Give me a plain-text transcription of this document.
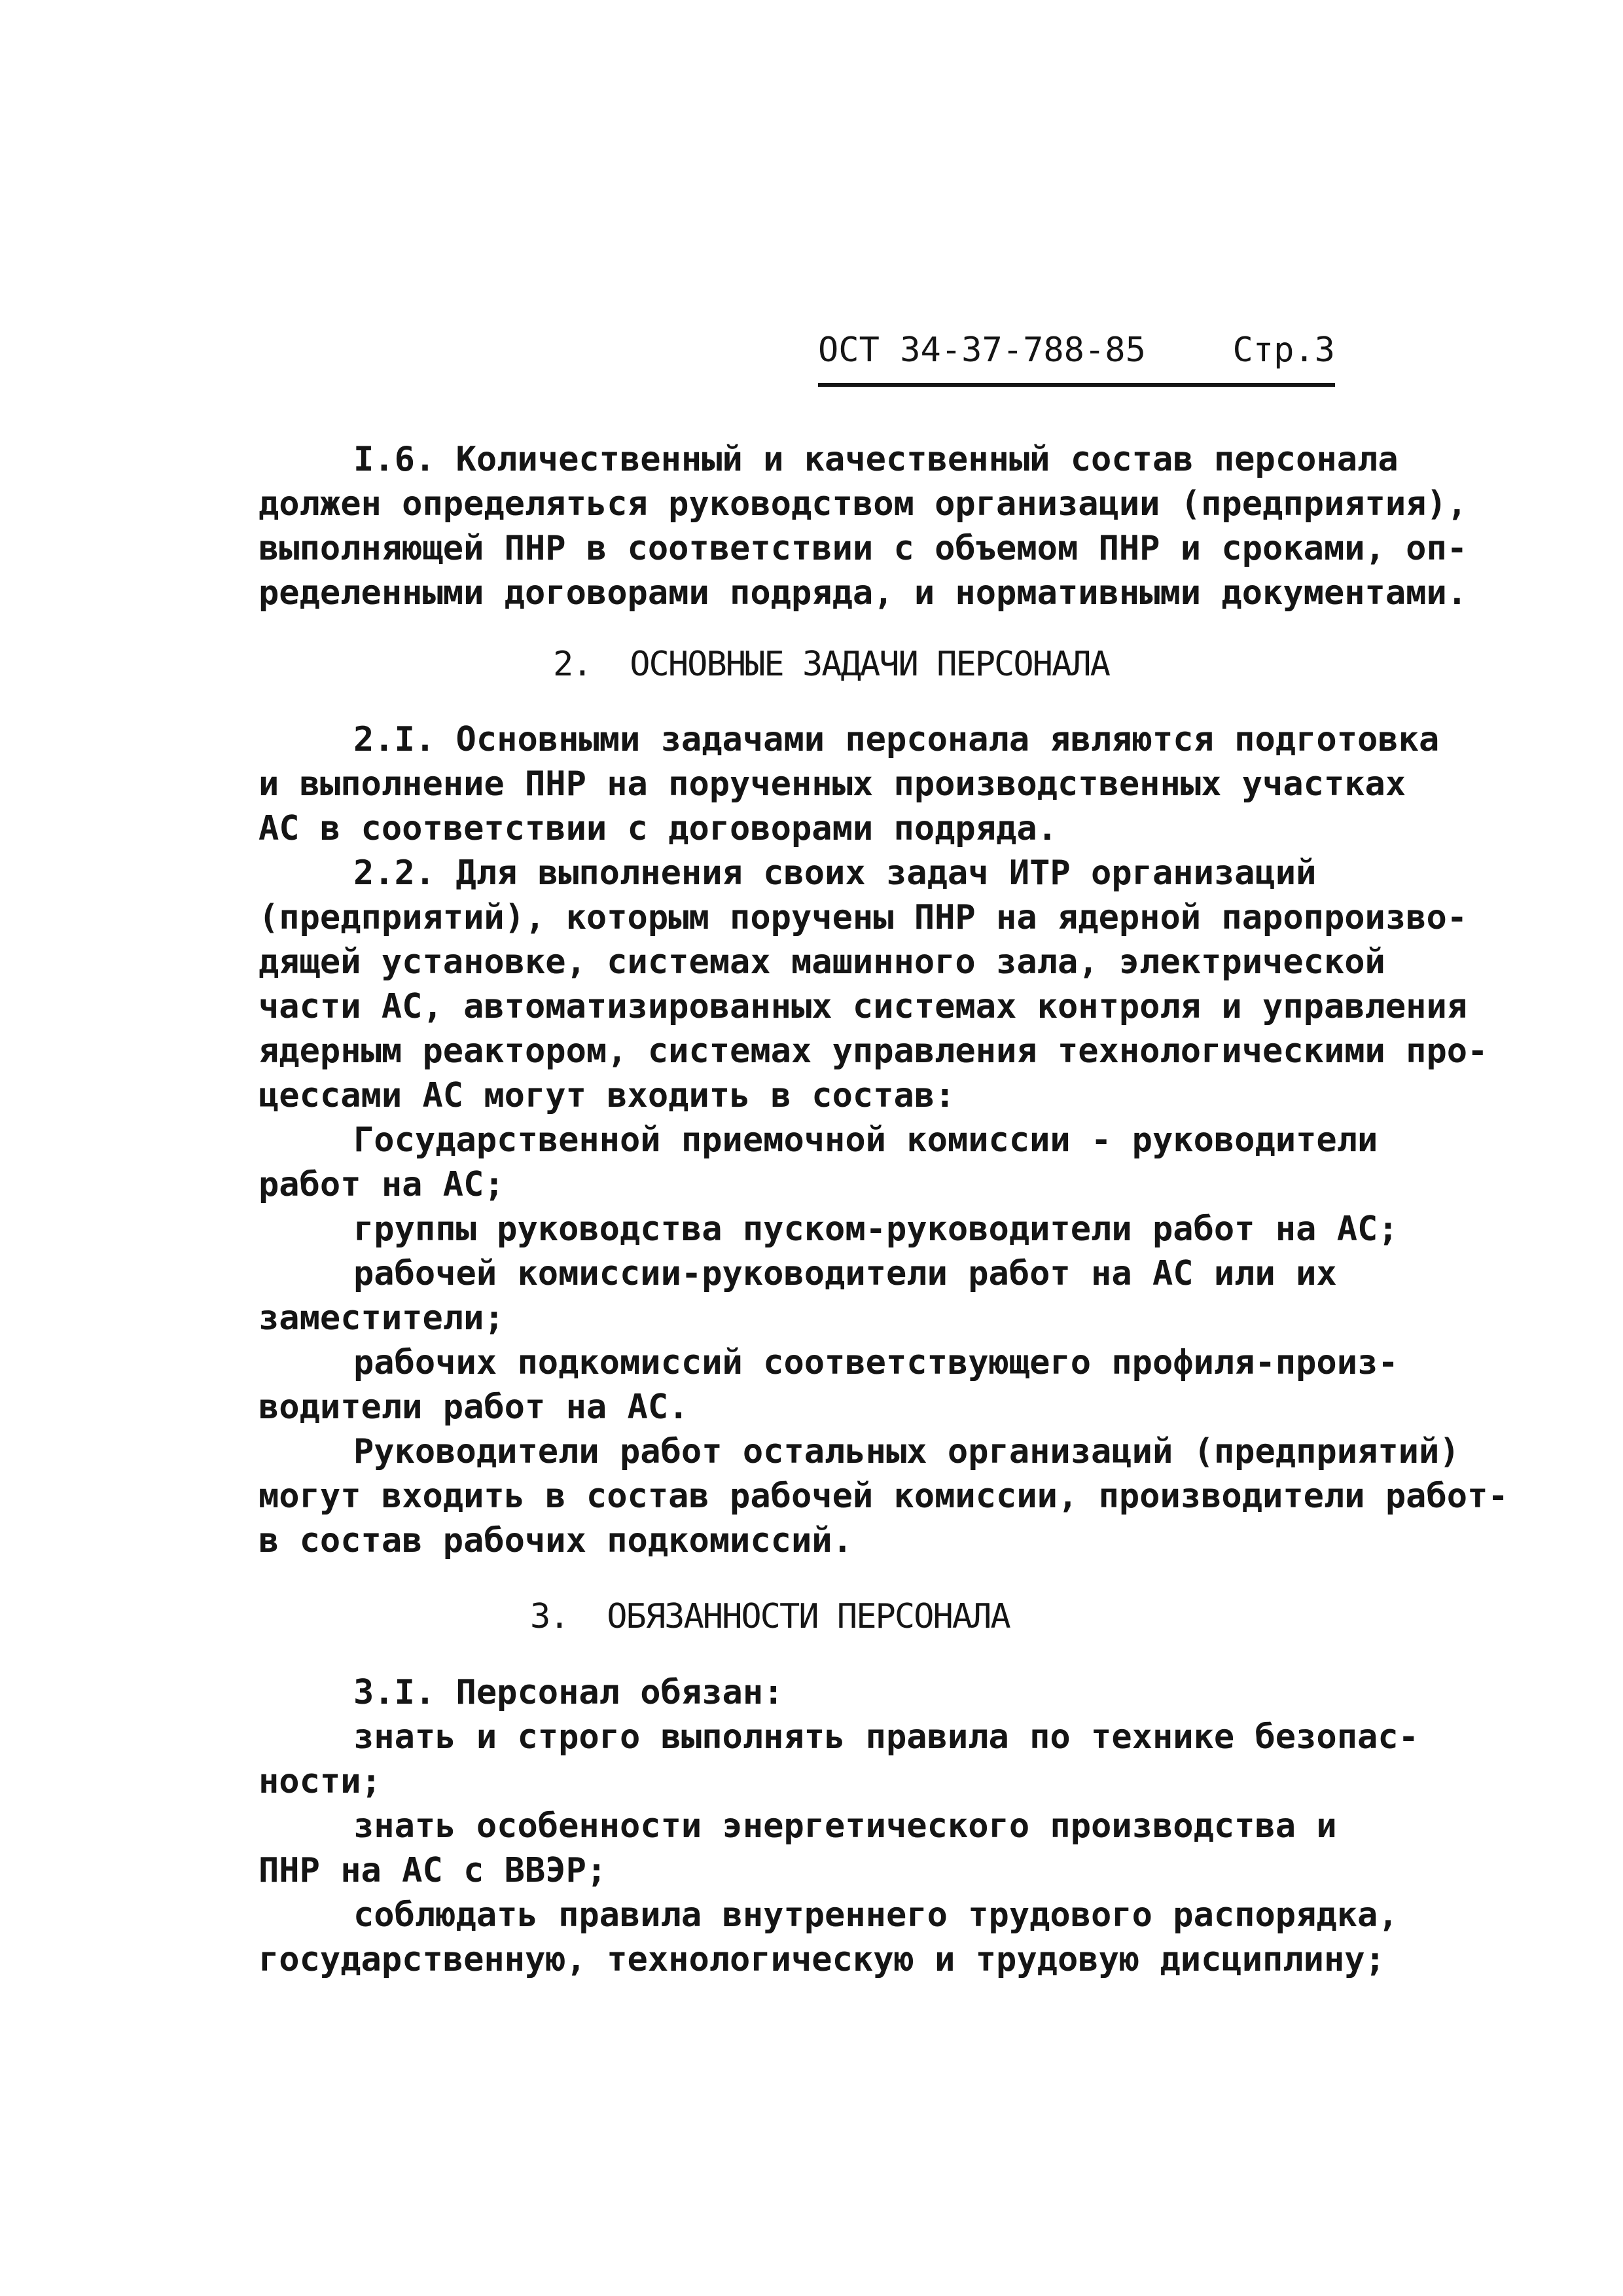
ОСТ 34-37-788-85	Стр.3
I.6. Количественный и качественный состав персонала
должен определяться руководством организации (предприятия),
выполняющей ПНР в соответствии с объемом ПНР и сроками, оп-
ределенными договорами подряда, и нормативными документами.
2.  ОСНОВНЫЕ ЗАДАЧИ ПЕРСОНАЛА
2.I. Основными задачами персонала являются подготовка
и выполнение ПНР на порученных производственных участках
АС в соответствии с договорами подряда.
2.2. Для выполнения своих задач ИТР организаций
(предприятий), которым поручены ПНР на ядерной паропроизво-
дящей установке, системах машинного зала, электрической
части АС, автоматизированных системах контроля и управления
ядерным реактором, системах управления технологическими про-
цессами АС могут входить в состав:
Государственной приемочной комиссии - руководители
работ на АС;
группы руководства пуском-руководители работ на АС;
рабочей комиссии-руководители работ на АС или их
заместители;
рабочих подкомиссий соответствующего профиля-произ-
водители работ на АС.
Руководители работ остальных организаций (предприятий)
могут входить в состав рабочей комиссии, производители работ-
в состав рабочих подкомиссий.
3.  ОБЯЗАННОСТИ ПЕРСОНАЛА
3.I. Персонал обязан:
знать и строго выполнять правила по технике безопас-
ности;
знать особенности энергетического производства и
ПНР на АС с ВВЭР;
соблюдать правила внутреннего трудового распорядка,
государственную, технологическую и трудовую дисциплину;
